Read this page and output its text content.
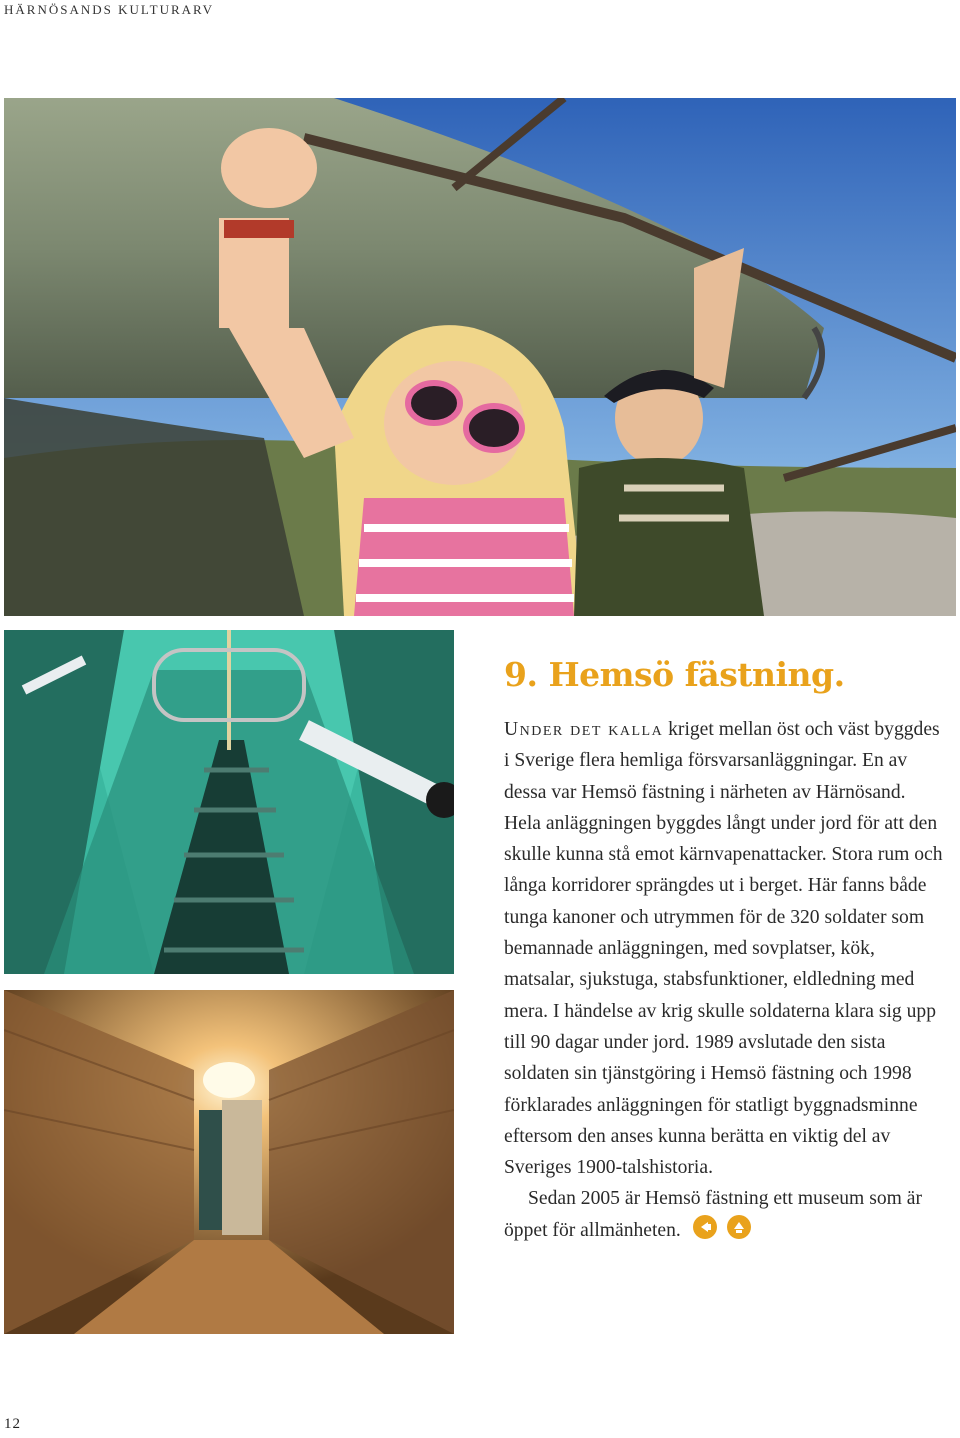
HÄRNÖSANDS KULTURARV
9. Hemsö fästning.

Under det kalla kriget mellan öst och väst byggdes i Sverige flera hemliga försvarsanläggningar. En av dessa var Hemsö fästning i närheten av Härnösand. Hela anläggningen byggdes långt under jord för att den skulle kunna stå emot kärnvapenattacker. Stora rum och långa korridorer sprängdes ut i berget. Här fanns både tunga kanoner och utrymmen för de 320 soldater som bemannade anläggningen, med sovplatser, kök, matsalar, sjukstuga, stabsfunktioner, eldledning med mera. I händelse av krig skulle soldaterna klara sig upp till 90 dagar under jord. 1989 avslutade den sista soldaten sin tjänstgöring i Hemsö fästning och 1998 förklarades anläggningen för statligt byggnadsminne eftersom den anses kunna berätta en viktig del av Sveriges 1900-talshistoria.

Sedan 2005 är Hemsö fästning ett museum som är öppet för allmänheten.

12
